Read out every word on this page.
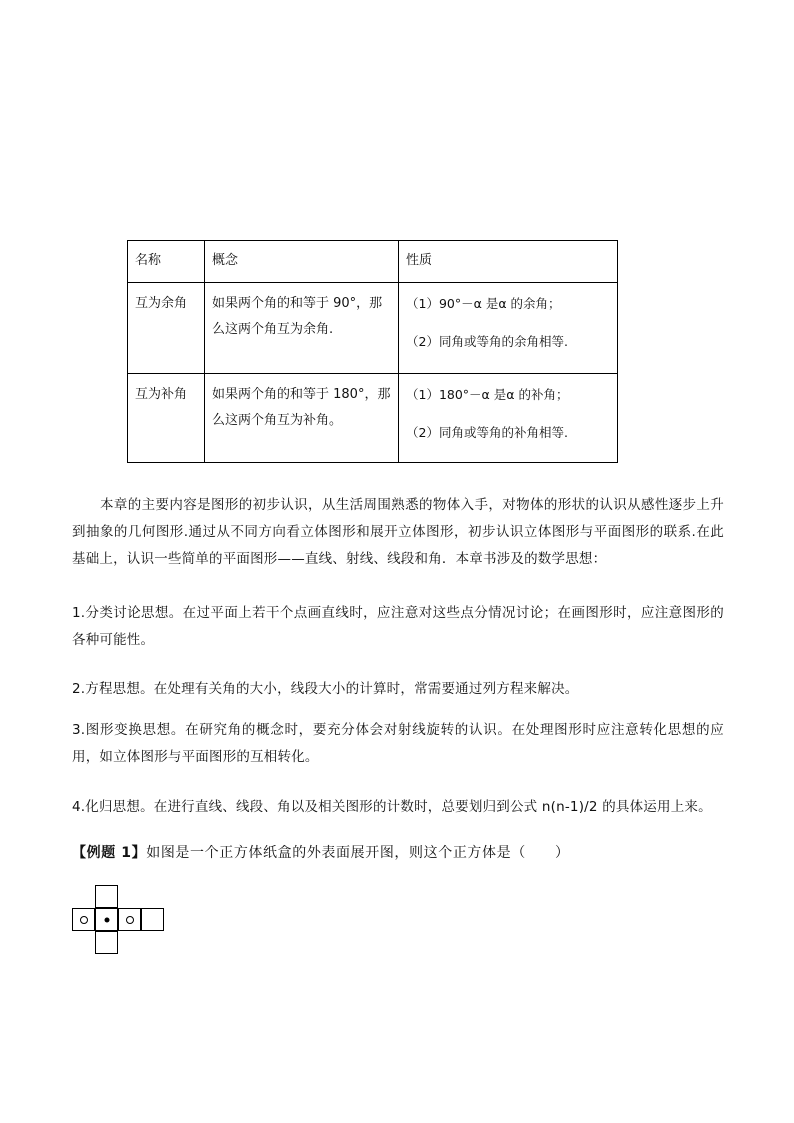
名称	概念	性质
互为余角	如果两个角的和等于 90°，那么这两个角互为余角.	（1）90°－α 是α 的余角；
（2）同角或等角的余角相等.

互为补角	如果两个角的和等于 180°，那么这两个角互为补角。	（1）180°－α 是α 的补角；
（2）同角或等角的补角相等.

本章的主要内容是图形的初步认识，从生活周围熟悉的物体入手，对物体的形状的认识从感性逐步上升到抽象的几何图形.通过从不同方向看立体图形和展开立体图形，初步认识立体图形与平面图形的联系.在此基础上，认识一些简单的平面图形——直线、射线、线段和角．本章书涉及的数学思想：

1.分类讨论思想。在过平面上若干个点画直线时，应注意对这些点分情况讨论；在画图形时，应注意图形的各种可能性。

2.方程思想。在处理有关角的大小，线段大小的计算时，常需要通过列方程来解决。

3.图形变换思想。在研究角的概念时，要充分体会对射线旋转的认识。在处理图形时应注意转化思想的应用，如立体图形与平面图形的互相转化。

4.化归思想。在进行直线、线段、角以及相关图形的计数时，总要划归到公式 n(n-1)/2 的具体运用上来。

【例题 1】如图是一个正方体纸盒的外表面展开图，则这个正方体是（　　）
